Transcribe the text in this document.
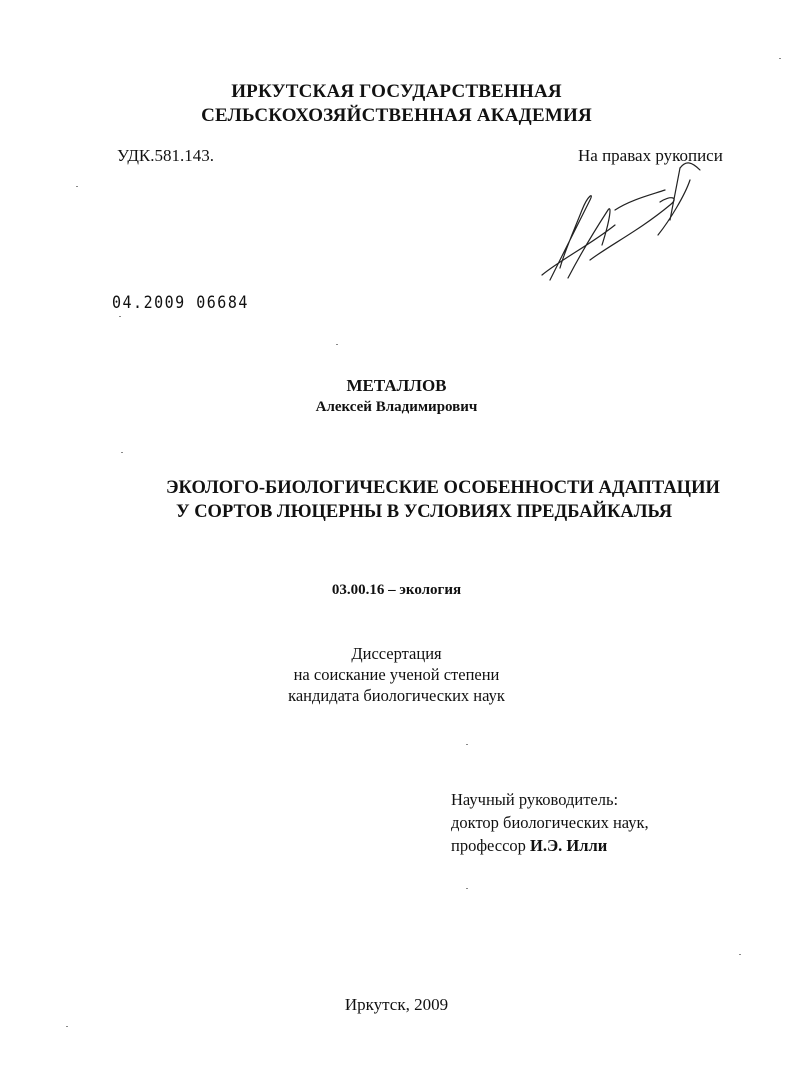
ИРКУТСКАЯ ГОСУДАРСТВЕННАЯ
СЕЛЬСКОХОЗЯЙСТВЕННАЯ АКАДЕМИЯ
УДК.581.143.	На правах рукописи
04.2009 06684
МЕТАЛЛОВ
Алексей Владимирович
ЭКОЛОГО-БИОЛОГИЧЕСКИЕ ОСОБЕННОСТИ АДАПТАЦИИ
У СОРТОВ ЛЮЦЕРНЫ В УСЛОВИЯХ ПРЕДБАЙКАЛЬЯ
03.00.16 – экология
Диссертация
на соискание ученой степени
кандидата биологических наук
Научный руководитель:
доктор биологических наук,
профессор И.Э. Илли
Иркутск, 2009
